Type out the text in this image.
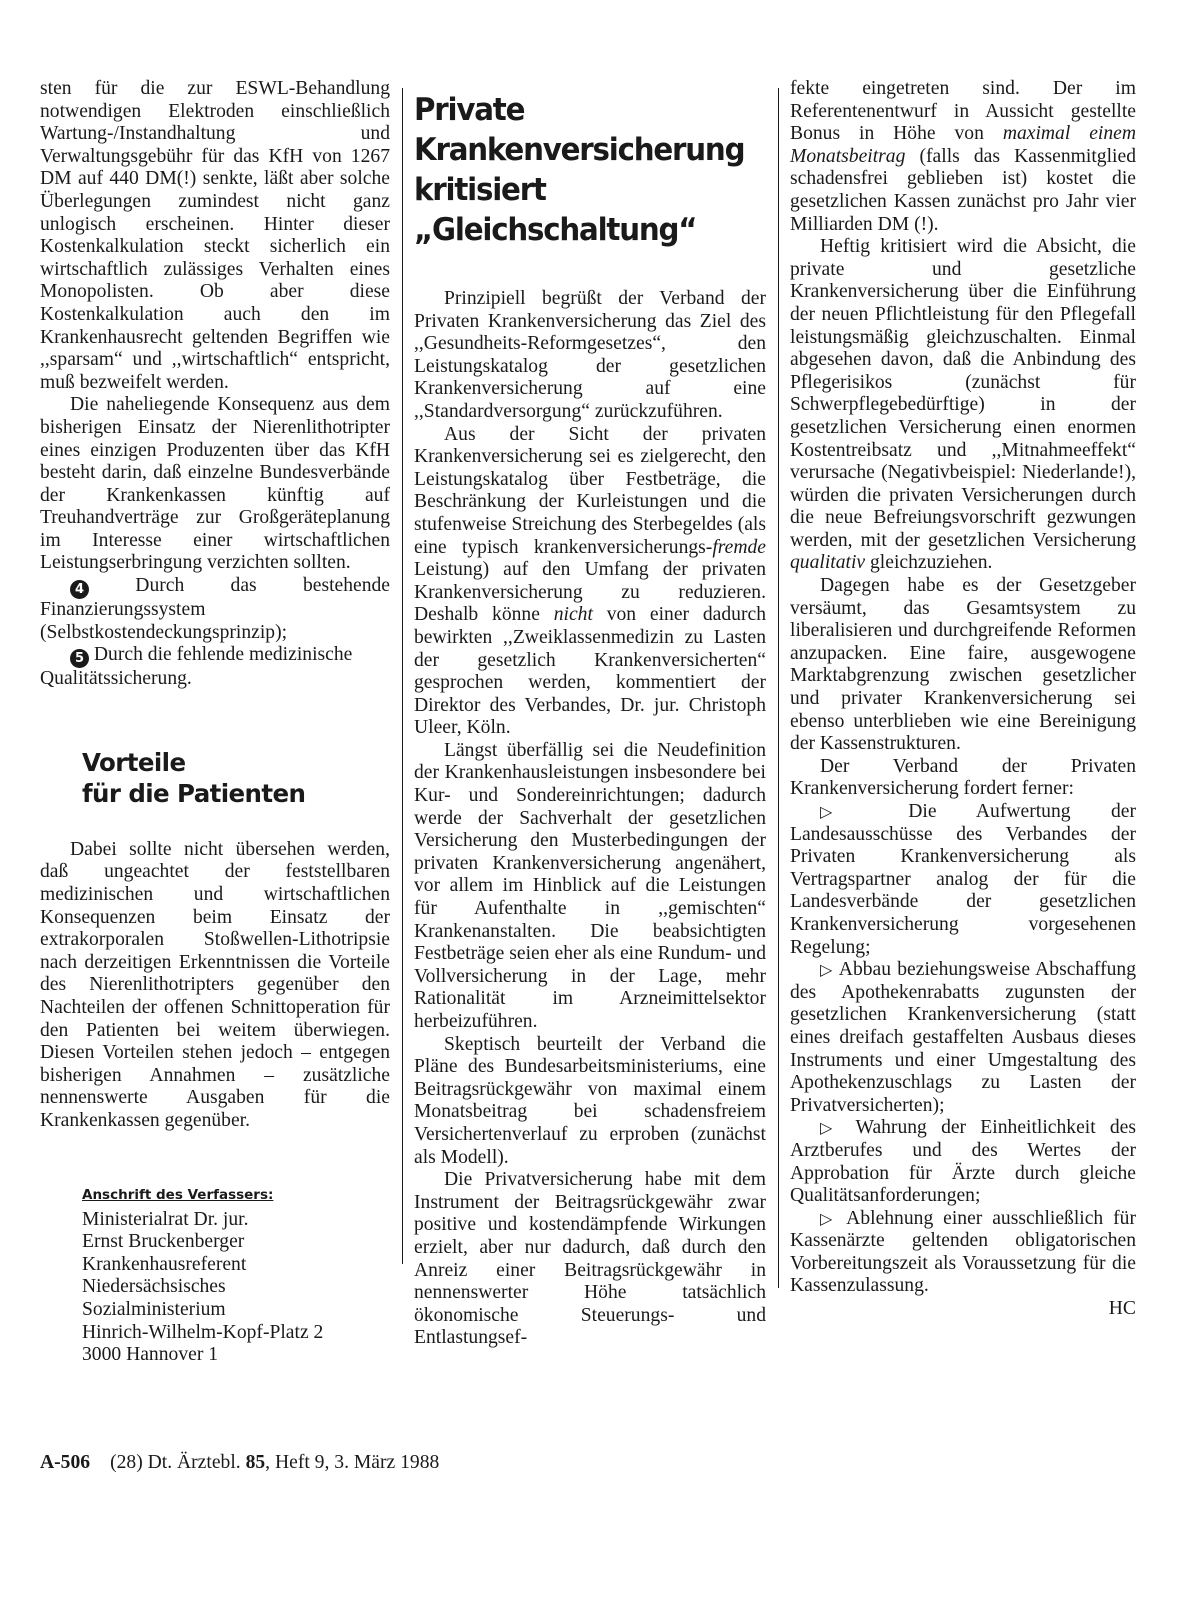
sten für die zur ESWL-Behandlung notwendigen Elektroden einschließlich Wartung-/Instandhaltung und Verwaltungsgebühr für das KfH von 1267 DM auf 440 DM(!) senkte, läßt aber solche Überlegungen zumindest nicht ganz unlogisch erscheinen. Hinter dieser Kostenkalkulation steckt sicherlich ein wirtschaftlich zulässiges Verhalten eines Monopolisten. Ob aber diese Kostenkalkulation auch den im Krankenhausrecht geltenden Begriffen wie ,,sparsam“ und ,,wirtschaftlich“ entspricht, muß bezweifelt werden.

Die naheliegende Konsequenz aus dem bisherigen Einsatz der Nierenlithotripter eines einzigen Produzenten über das KfH besteht darin, daß einzelne Bundesverbände der Krankenkassen künftig auf Treuhandverträge zur Großgeräteplanung im Interesse einer wirtschaftlichen Leistungserbringung verzichten sollten.

4	Durch das bestehende Finanzierungssystem (Selbstkostendeckungsprinzip);

5 Durch die fehlende medizinische Qualitätssicherung.

Vorteile
für die Patienten

Dabei sollte nicht übersehen werden, daß ungeachtet der feststellbaren medizinischen und wirtschaftlichen Konsequenzen beim Einsatz der extrakorporalen Stoßwellen-Lithotripsie nach derzeitigen Erkenntnissen die Vorteile des Nierenlithotripters gegenüber den Nachteilen der offenen Schnittoperation für den Patienten bei weitem überwiegen. Diesen Vorteilen stehen jedoch – entgegen bisherigen Annahmen – zusätzliche nennenswerte Ausgaben für die Krankenkassen gegenüber.

Anschrift des Verfassers:
Ministerialrat Dr. jur.
Ernst Bruckenberger
Krankenhausreferent
Niedersächsisches
Sozialministerium
Hinrich-Wilhelm-Kopf-Platz 2
3000 Hannover 1
Private
Krankenversicherung
kritisiert
„Gleichschaltung“

Prinzipiell begrüßt der Verband der Privaten Krankenversicherung das Ziel des ,,Gesundheits-Reformgesetzes“, den Leistungskatalog der gesetzlichen Krankenversicherung auf eine ,,Standardversorgung“ zurückzuführen.

Aus der Sicht der privaten Krankenversicherung sei es zielgerecht, den Leistungskatalog über Festbeträge, die Beschränkung der Kurleistungen und die stufenweise Streichung des Sterbegeldes (als eine typisch krankenversicherungs-fremde Leistung) auf den Umfang der privaten Krankenversicherung zu reduzieren. Deshalb könne nicht von einer dadurch bewirkten ,,Zweiklassenmedizin zu Lasten der gesetzlich Krankenversicherten“ gesprochen werden, kommentiert der Direktor des Verbandes, Dr. jur. Christoph Uleer, Köln.

Längst überfällig sei die Neudefinition der Krankenhausleistungen insbesondere bei Kur- und Sondereinrichtungen; dadurch werde der Sachverhalt der gesetzlichen Versicherung den Musterbedingungen der privaten Krankenversicherung angenähert, vor allem im Hinblick auf die Leistungen für Aufenthalte in ,,gemischten“ Krankenanstalten. Die beabsichtigten Festbeträge seien eher als eine Rundum- und Vollversicherung in der Lage, mehr Rationalität im Arzneimittelsektor herbeizuführen.

Skeptisch beurteilt der Verband die Pläne des Bundesarbeitsministeriums, eine Beitragsrückgewähr von maximal einem Monatsbeitrag bei schadensfreiem Versichertenverlauf zu erproben (zunächst als Modell).

Die Privatversicherung habe mit dem Instrument der Beitragsrückgewähr zwar positive und kostendämpfende Wirkungen erzielt, aber nur dadurch, daß durch den Anreiz einer Beitragsrückgewähr in nennenswerter Höhe tatsächlich ökonomische Steuerungs- und Entlastungsef-

fekte eingetreten sind. Der im Referentenentwurf in Aussicht gestellte Bonus in Höhe von maximal einem Monatsbeitrag (falls das Kassenmitglied schadensfrei geblieben ist) kostet die gesetzlichen Kassen zunächst pro Jahr vier Milliarden DM (!).

Heftig kritisiert wird die Absicht, die private und gesetzliche Krankenversicherung über die Einführung der neuen Pflichtleistung für den Pflegefall leistungsmäßig gleichzuschalten. Einmal abgesehen davon, daß die Anbindung des Pflegerisikos (zunächst für Schwerpflegebedürftige) in der gesetzlichen Versicherung einen enormen Kostentreibsatz und ,,Mitnahmeeffekt“ verursache (Negativbeispiel: Niederlande!), würden die privaten Versicherungen durch die neue Befreiungsvorschrift gezwungen werden, mit der gesetzlichen Versicherung qualitativ gleichzuziehen.

Dagegen habe es der Gesetzgeber versäumt, das Gesamtsystem zu liberalisieren und durchgreifende Reformen anzupacken. Eine faire, ausgewogene Marktabgrenzung zwischen gesetzlicher und privater Krankenversicherung sei ebenso unterblieben wie eine Bereinigung der Kassenstrukturen.

Der Verband der Privaten Krankenversicherung fordert ferner:

▷ Die Aufwertung der Landesausschüsse des Verbandes der Privaten Krankenversicherung als Vertragspartner analog der für die Landesverbände der gesetzlichen Krankenversicherung vorgesehenen Regelung;

▷ Abbau beziehungsweise Abschaffung des Apothekenrabatts zugunsten der gesetzlichen Krankenversicherung (statt eines dreifach gestaffelten Ausbaus dieses Instruments und einer Umgestaltung des Apothekenzuschlags zu Lasten der Privatversicherten);

▷ Wahrung der Einheitlichkeit des Arztberufes und des Wertes der Approbation für Ärzte durch gleiche Qualitätsanforderungen;

▷ Ablehnung einer ausschließlich für Kassenärzte geltenden obligatorischen Vorbereitungszeit als Voraussetzung für die Kassenzulassung.

HC

A-506 (28) Dt. Ärztebl. 85, Heft 9, 3. März 1988
